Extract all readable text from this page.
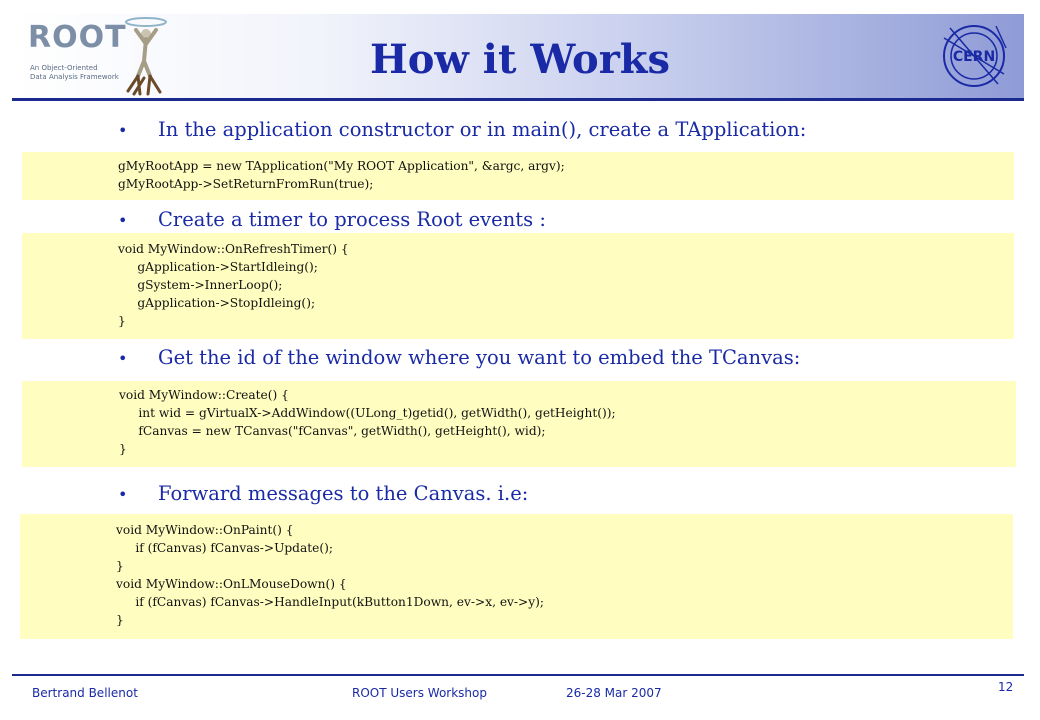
ROOT
An Object-Oriented
Data Analysis Framework
CERN
How it Works
• In the application constructor or in main(), create a TApplication:
gMyRootApp = new TApplication("My ROOT Application", &argc, argv);
gMyRootApp->SetReturnFromRun(true);
• Create a timer to process Root events :
void MyWindow::OnRefreshTimer() {
gApplication->StartIdleing();
gSystem->InnerLoop();
gApplication->StopIdleing();
}
• Get the id of the window where you want to embed the TCanvas:
void MyWindow::Create() {
int wid = gVirtualX->AddWindow((ULong_t)getid(), getWidth(), getHeight());
fCanvas = new TCanvas("fCanvas", getWidth(), getHeight(), wid);
}
• Forward messages to the Canvas. i.e:
void MyWindow::OnPaint() {
if (fCanvas) fCanvas->Update();
}
void MyWindow::OnLMouseDown() {
if (fCanvas) fCanvas->HandleInput(kButton1Down, ev->x, ev->y);
}
Bertrand Bellenot	ROOT Users Workshop	26-28 Mar 2007	12
